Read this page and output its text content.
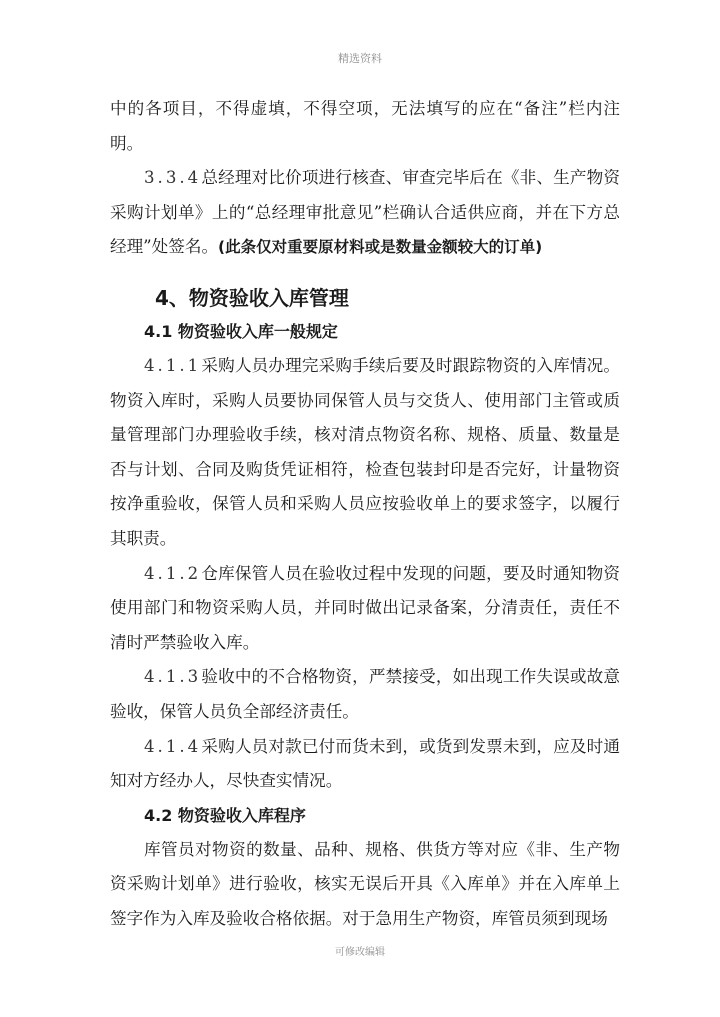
精选资料

中的各项目，不得虚填，不得空项，无法填写的应在“备注”栏内注明。

3.3.4总经理对比价项进行核查、审查完毕后在《非、生产物资采购计划单》上的“总经理审批意见”栏确认合适供应商，并在下方总经理”处签名。(此条仅对重要原材料或是数量金额较大的订单)

4、物资验收入库管理
4.1 物资验收入库一般规定

4.1.1采购人员办理完采购手续后要及时跟踪物资的入库情况。物资入库时，采购人员要协同保管人员与交货人、使用部门主管或质量管理部门办理验收手续，核对清点物资名称、规格、质量、数量是否与计划、合同及购货凭证相符，检查包装封印是否完好，计量物资按净重验收，保管人员和采购人员应按验收单上的要求签字，以履行其职责。

4.1.2仓库保管人员在验收过程中发现的问题，要及时通知物资使用部门和物资采购人员，并同时做出记录备案，分清责任，责任不清时严禁验收入库。

4.1.3验收中的不合格物资，严禁接受，如出现工作失误或故意验收，保管人员负全部经济责任。

4.1.4采购人员对款已付而货未到，或货到发票未到，应及时通知对方经办人，尽快查实情况。

4.2 物资验收入库程序

库管员对物资的数量、品种、规格、供货方等对应《非、生产物资采购计划单》进行验收，核实无误后开具《入库单》并在入库单上签字作为入库及验收合格依据。对于急用生产物资，库管员须到现场

可修改编辑
